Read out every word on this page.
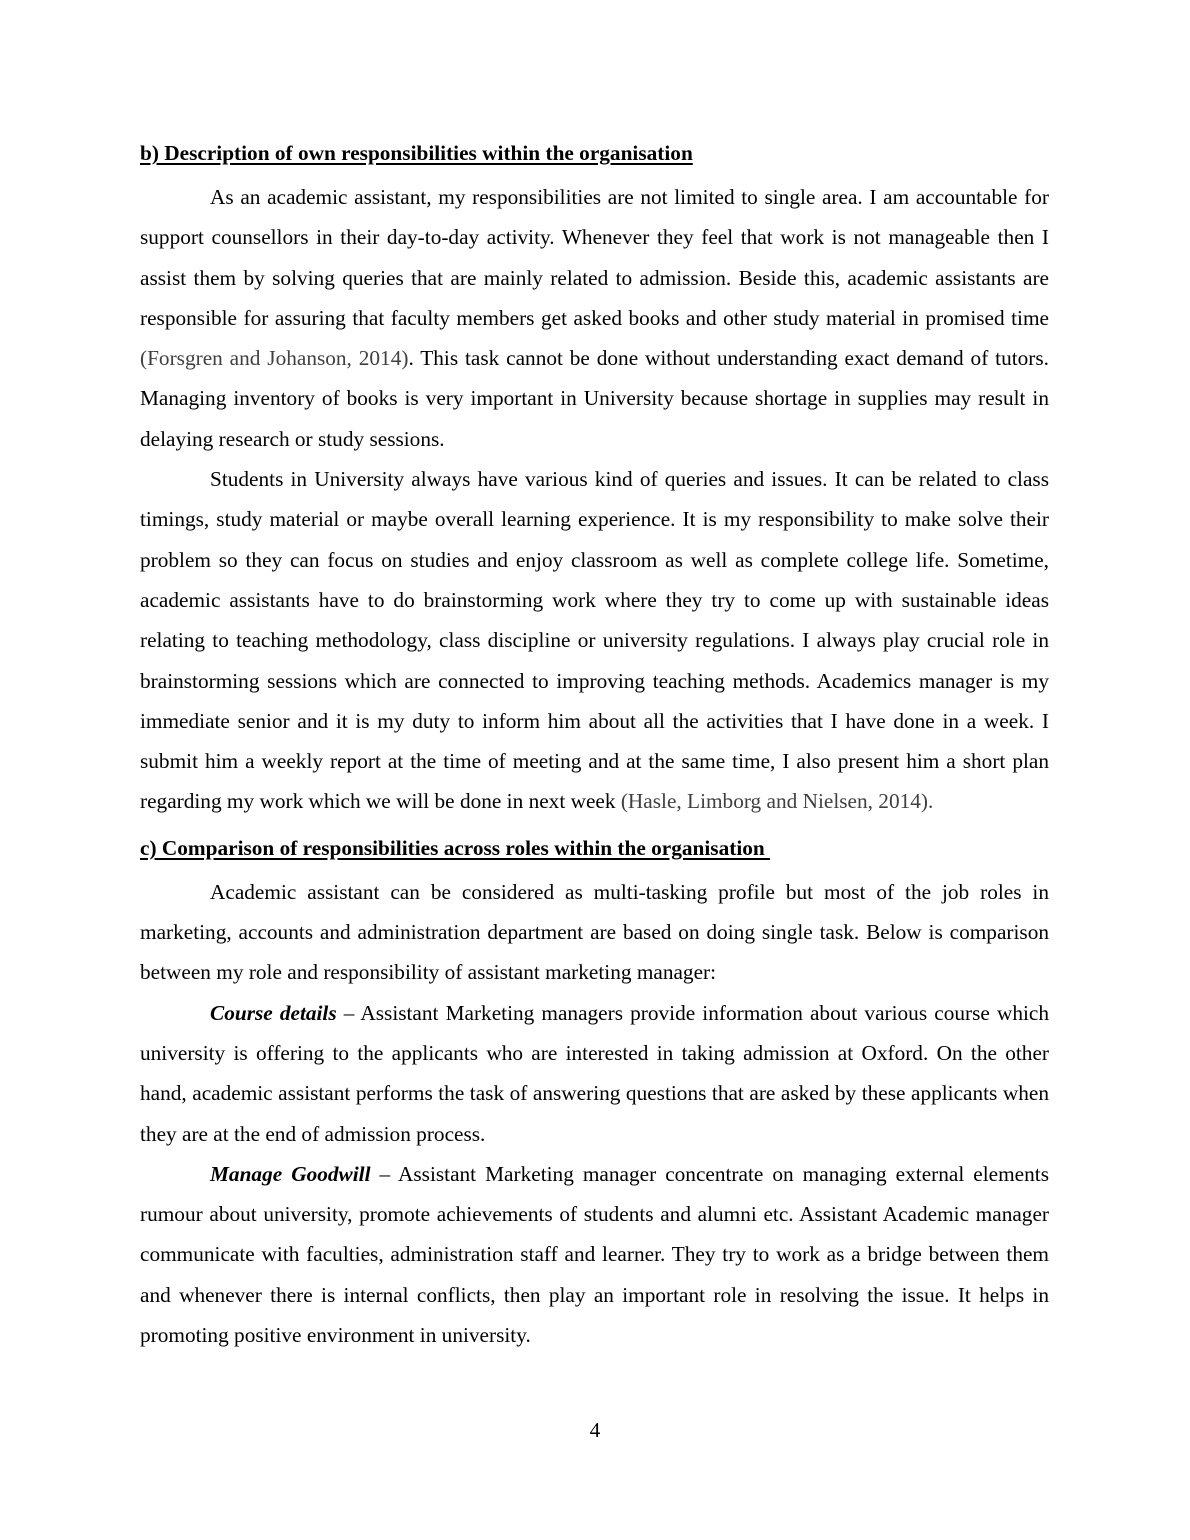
b) Description of own responsibilities within the organisation

As an academic assistant, my responsibilities are not limited to single area. I am accountable for support counsellors in their day-to-day activity. Whenever they feel that work is not manageable then I assist them by solving queries that are mainly related to admission. Beside this, academic assistants are responsible for assuring that faculty members get asked books and other study material in promised time (Forsgren and Johanson, 2014). This task cannot be done without understanding exact demand of tutors. Managing inventory of books is very important in University because shortage in supplies may result in delaying research or study sessions.

Students in University always have various kind of queries and issues. It can be related to class timings, study material or maybe overall learning experience. It is my responsibility to make solve their problem so they can focus on studies and enjoy classroom as well as complete college life. Sometime, academic assistants have to do brainstorming work where they try to come up with sustainable ideas relating to teaching methodology, class discipline or university regulations. I always play crucial role in brainstorming sessions which are connected to improving teaching methods. Academics manager is my immediate senior and it is my duty to inform him about all the activities that I have done in a week. I submit him a weekly report at the time of meeting and at the same time, I also present him a short plan regarding my work which we will be done in next week (Hasle, Limborg and Nielsen, 2014).

c) Comparison of responsibilities across roles within the organisation

Academic assistant can be considered as multi-tasking profile but most of the job roles in marketing, accounts and administration department are based on doing single task. Below is comparison between my role and responsibility of assistant marketing manager:

Course details – Assistant Marketing managers provide information about various course which university is offering to the applicants who are interested in taking admission at Oxford. On the other hand, academic assistant performs the task of answering questions that are asked by these applicants when they are at the end of admission process.

Manage Goodwill – Assistant Marketing manager concentrate on managing external elements rumour about university, promote achievements of students and alumni etc. Assistant Academic manager communicate with faculties, administration staff and learner. They try to work as a bridge between them and whenever there is internal conflicts, then play an important role in resolving the issue. It helps in promoting positive environment in university.

4
